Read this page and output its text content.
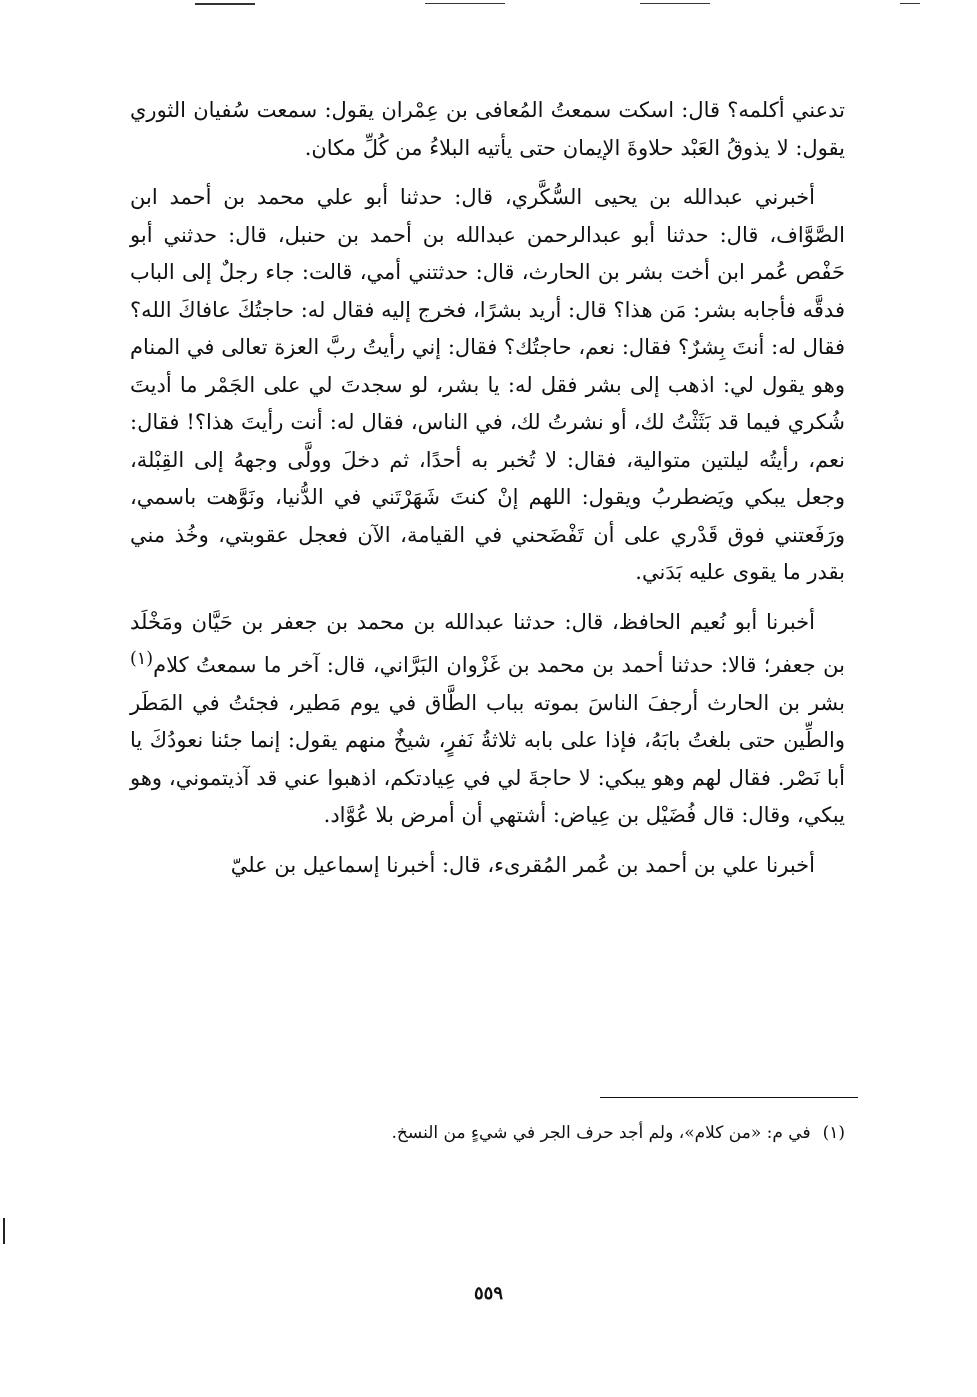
تدعني أكلمه؟ قال: اسكت سمعتُ المُعافى بن عِمْران يقول: سمعت سُفيان الثوري يقول: لا يذوقُ العَبْد حلاوةَ الإيمان حتى يأتيه البلاءُ من كُلِّ مكان.

أخبرني عبدالله بن يحيى السُّكَّري، قال: حدثنا أبو علي محمد بن أحمد ابن الصَّوَّاف، قال: حدثنا أبو عبدالرحمن عبدالله بن أحمد بن حنبل، قال: حدثني أبو حَفْص عُمر ابن أخت بشر بن الحارث، قال: حدثتني أمي، قالت: جاء رجلٌ إلى الباب فدقَّه فأجابه بشر: مَن هذا؟ قال: أريد بشرًا، فخرج إليه فقال له: حاجتُكَ عافاكَ الله؟ فقال له: أنتَ بِشرٌ؟ فقال: نعم، حاجتُك؟ فقال: إني رأيتُ ربَّ العزة تعالى في المنام وهو يقول لي: اذهب إلى بشر فقل له: يا بشر، لو سجدتَ لي على الجَمْر ما أديتَ شُكري فيما قد بَثَثْتُ لك، أو نشرتُ لك، في الناس، فقال له: أنت رأيتَ هذا؟! فقال: نعم، رأيتُه ليلتين متوالية، فقال: لا تُخبر به أحدًا، ثم دخلَ وولَّى وجههُ إلى القِبْلة، وجعل يبكي ويَضطربُ ويقول: اللهم إنْ كنتَ شَهَرْتَني في الدُّنيا، ونَوَّهت باسمي، ورَفَعتني فوق قَدْري على أن تَفْضَحني في القيامة، الآن فعجل عقوبتي، وخُذ مني بقدر ما يقوى عليه بَدَني.

أخبرنا أبو نُعيم الحافظ، قال: حدثنا عبدالله بن محمد بن جعفر بن حَيَّان ومَخْلَد بن جعفر؛ قالا: حدثنا أحمد بن محمد بن غَزْوان البَرَّاني، قال: آخر ما سمعتُ كلام$^{(١)}$ بشر بن الحارث أرجفَ الناسَ بموته بباب الطَّاق في يوم مَطير، فجئتُ في المَطَر والطِّين حتى بلغتُ بابَهُ، فإذا على بابه ثلاثةُ نَفرٍ، شيخٌ منهم يقول: إنما جئنا نعودُكَ يا أبا نَصْر. فقال لهم وهو يبكي: لا حاجةَ لي في عِيادتكم، اذهبوا عني قد آذيتموني، وهو يبكي، وقال: قال فُضَيْل بن عِياض: أشتهي أن أمرض بلا عُوَّاد.

أخبرنا علي بن أحمد بن عُمر المُقرىء، قال: أخبرنا إسماعيل بن عليّ

(١)في م: «من كلام»، ولم أجد حرف الجر في شيءٍ من النسخ.
٥٥٩
